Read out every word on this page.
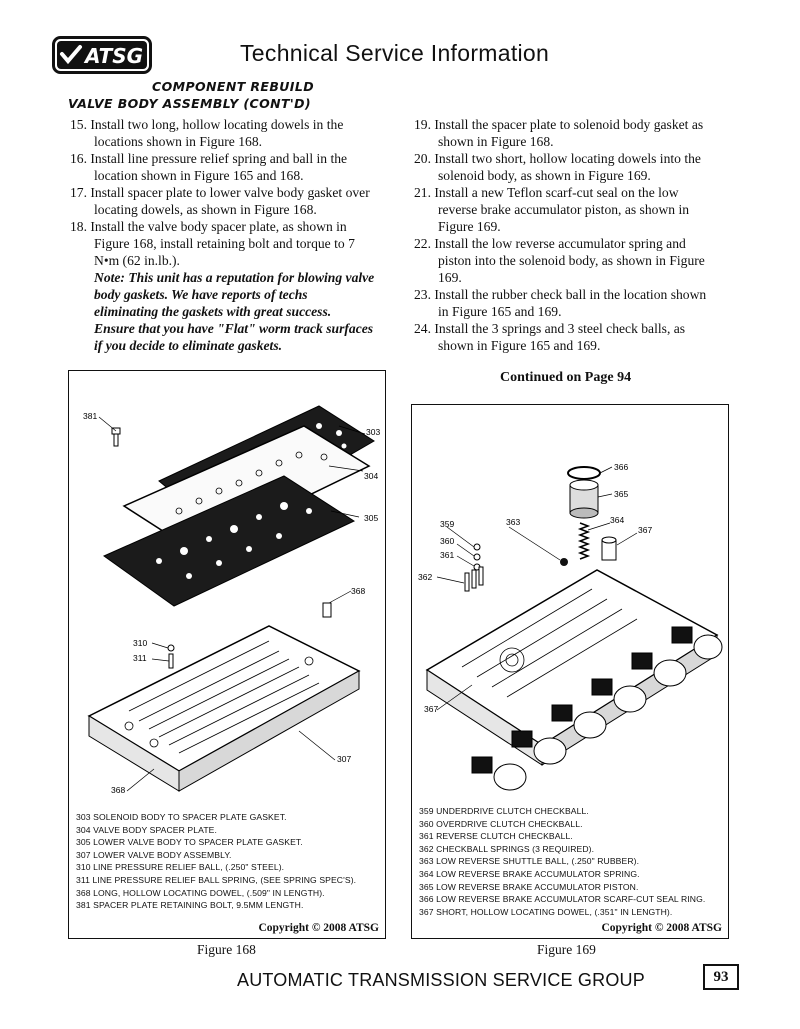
ATSG	Technical Service Information
COMPONENT REBUILD
VALVE BODY ASSEMBLY (CONT'D)
15. Install two long, hollow locating dowels in the locations shown in Figure 168.
16. Install line pressure relief spring and ball in the location shown in Figure 165 and 168.
17. Install spacer plate to lower valve body gasket over locating dowels, as shown in Figure 168.
18. Install the valve body spacer plate, as shown in Figure 168, install retaining bolt and torque to 7 N•m (62 in.lb.).
Note: This unit has a reputation for blowing valve body gaskets. We have reports of techs eliminating the gaskets with great success. Ensure that you have "Flat" worm track surfaces if you decide to eliminate gaskets.
19. Install the spacer plate to solenoid body gasket as shown in Figure 168.
20. Install two short, hollow locating dowels into the solenoid body, as shown in Figure 169.
21. Install a new Teflon scarf-cut seal on the low reverse brake accumulator piston, as shown in Figure 169.
22. Install the low reverse accumulator spring and piston into the solenoid body, as shown in Figure 169.
23. Install the rubber check ball in the location shown in Figure 165 and 169.
24. Install the 3 springs and 3 steel check balls, as shown in Figure 165 and 169.
Continued on Page 94
381
303
304
305
368
310
311
307
368
303 SOLENOID BODY TO SPACER PLATE GASKET.
304 VALVE BODY SPACER PLATE.
305 LOWER VALVE BODY TO SPACER PLATE GASKET.
307 LOWER VALVE BODY ASSEMBLY.
310 LINE PRESSURE RELIEF BALL, (.250" STEEL).
311 LINE PRESSURE RELIEF BALL SPRING, (SEE SPRING SPEC'S).
368 LONG, HOLLOW LOCATING DOWEL, (.509" IN LENGTH).
381 SPACER PLATE RETAINING BOLT, 9.5MM LENGTH.
Copyright © 2008 ATSG
Figure 168
366
365
359	363	364
367
360
361
362
367
359 UNDERDRIVE CLUTCH CHECKBALL.
360 OVERDRIVE CLUTCH CHECKBALL.
361 REVERSE CLUTCH CHECKBALL.
362 CHECKBALL SPRINGS (3 REQUIRED).
363 LOW REVERSE SHUTTLE BALL, (.250" RUBBER).
364 LOW REVERSE BRAKE ACCUMULATOR SPRING.
365 LOW REVERSE BRAKE ACCUMULATOR PISTON.
366 LOW REVERSE BRAKE ACCUMULATOR SCARF-CUT SEAL RING.
367 SHORT, HOLLOW LOCATING DOWEL, (.351" IN LENGTH).
Copyright © 2008 ATSG
Figure 169
AUTOMATIC TRANSMISSION SERVICE GROUP	93
